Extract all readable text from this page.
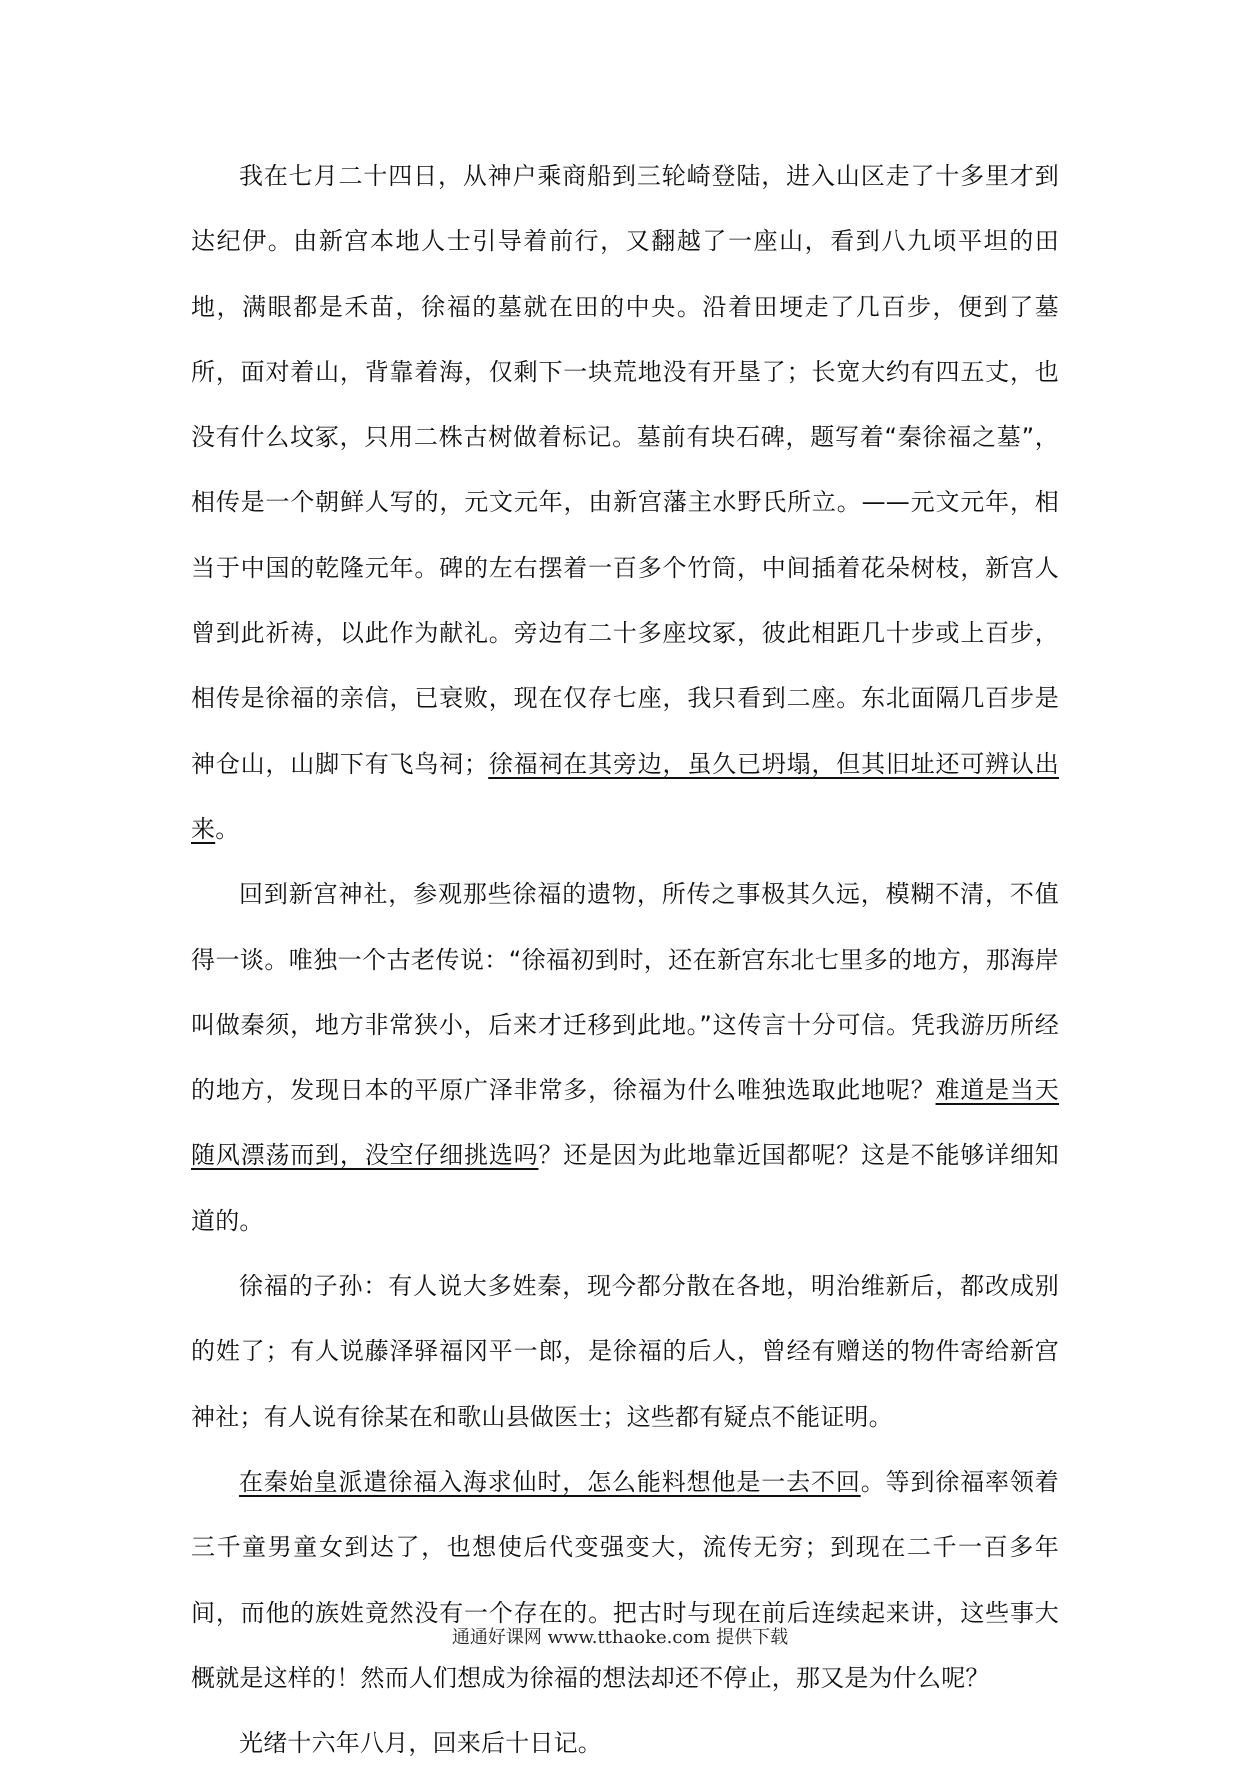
我在七月二十四日，从神户乘商船到三轮崎登陆，进入山区走了十多里才到达纪伊。由新宫本地人士引导着前行，又翻越了一座山，看到八九顷平坦的田地，满眼都是禾苗，徐福的墓就在田的中央。沿着田埂走了几百步，便到了墓所，面对着山，背靠着海，仅剩下一块荒地没有开垦了；长宽大约有四五丈，也没有什么坟冢，只用二株古树做着标记。墓前有块石碑，题写着“秦徐福之墓”，相传是一个朝鲜人写的，元文元年，由新宫藩主水野氏所立。——元文元年，相当于中国的乾隆元年。碑的左右摆着一百多个竹筒，中间插着花朵树枝，新宫人曾到此祈祷，以此作为献礼。旁边有二十多座坟冢，彼此相距几十步或上百步，相传是徐福的亲信，已衰败，现在仅存七座，我只看到二座。东北面隔几百步是神仓山，山脚下有飞鸟祠；徐福祠在其旁边，虽久已坍塌，但其旧址还可辨认出来。

回到新宫神社，参观那些徐福的遗物，所传之事极其久远，模糊不清，不值得一谈。唯独一个古老传说：“徐福初到时，还在新宫东北七里多的地方，那海岸叫做秦须，地方非常狭小，后来才迁移到此地。”这传言十分可信。凭我游历所经的地方，发现日本的平原广泽非常多，徐福为什么唯独选取此地呢？难道是当天随风漂荡而到，没空仔细挑选吗？还是因为此地靠近国都呢？这是不能够详细知道的。

徐福的子孙：有人说大多姓秦，现今都分散在各地，明治维新后，都改成别的姓了；有人说藤泽驿福冈平一郎，是徐福的后人，曾经有赠送的物件寄给新宫神社；有人说有徐某在和歌山县做医士；这些都有疑点不能证明。

在秦始皇派遣徐福入海求仙时，怎么能料想他是一去不回。等到徐福率领着三千童男童女到达了，也想使后代变强变大，流传无穷；到现在二千一百多年间，而他的族姓竟然没有一个存在的。把古时与现在前后连续起来讲，这些事大概就是这样的！然而人们想成为徐福的想法却还不停止，那又是为什么呢？

光绪十六年八月，回来后十日记。

通通好课网 www.tthaoke.com 提供下载
